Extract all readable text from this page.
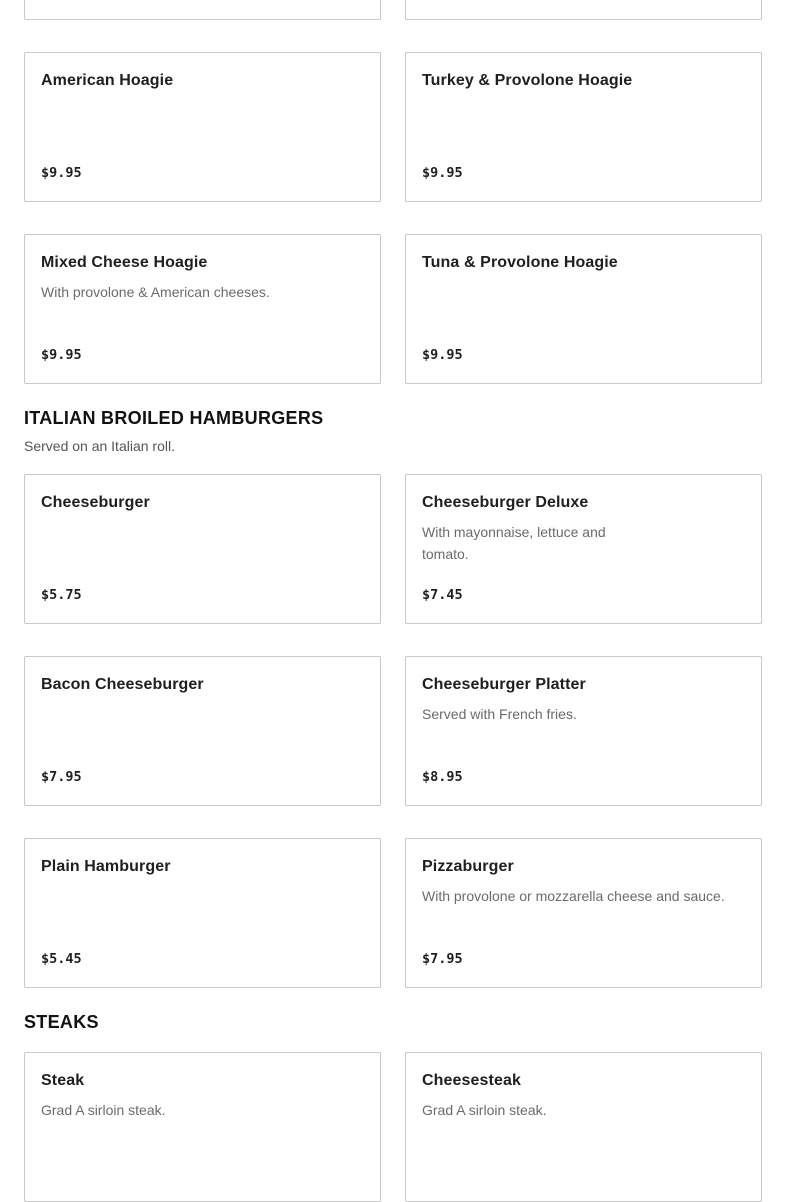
American Hoagie
$9.95
Turkey & Provolone Hoagie
$9.95
Mixed Cheese Hoagie
With provolone & American cheeses.
$9.95
Tuna & Provolone Hoagie
$9.95
ITALIAN BROILED HAMBURGERS
Served on an Italian roll.
Cheeseburger
$5.75
Cheeseburger Deluxe
With mayonnaise, lettuce and tomato.
$7.45
Bacon Cheeseburger
$7.95
Cheeseburger Platter
Served with French fries.
$8.95
Plain Hamburger
$5.45
Pizzaburger
With provolone or mozzarella cheese and sauce.
$7.95
STEAKS
Steak
Grad A sirloin steak.
Cheesesteak
Grad A sirloin steak.
